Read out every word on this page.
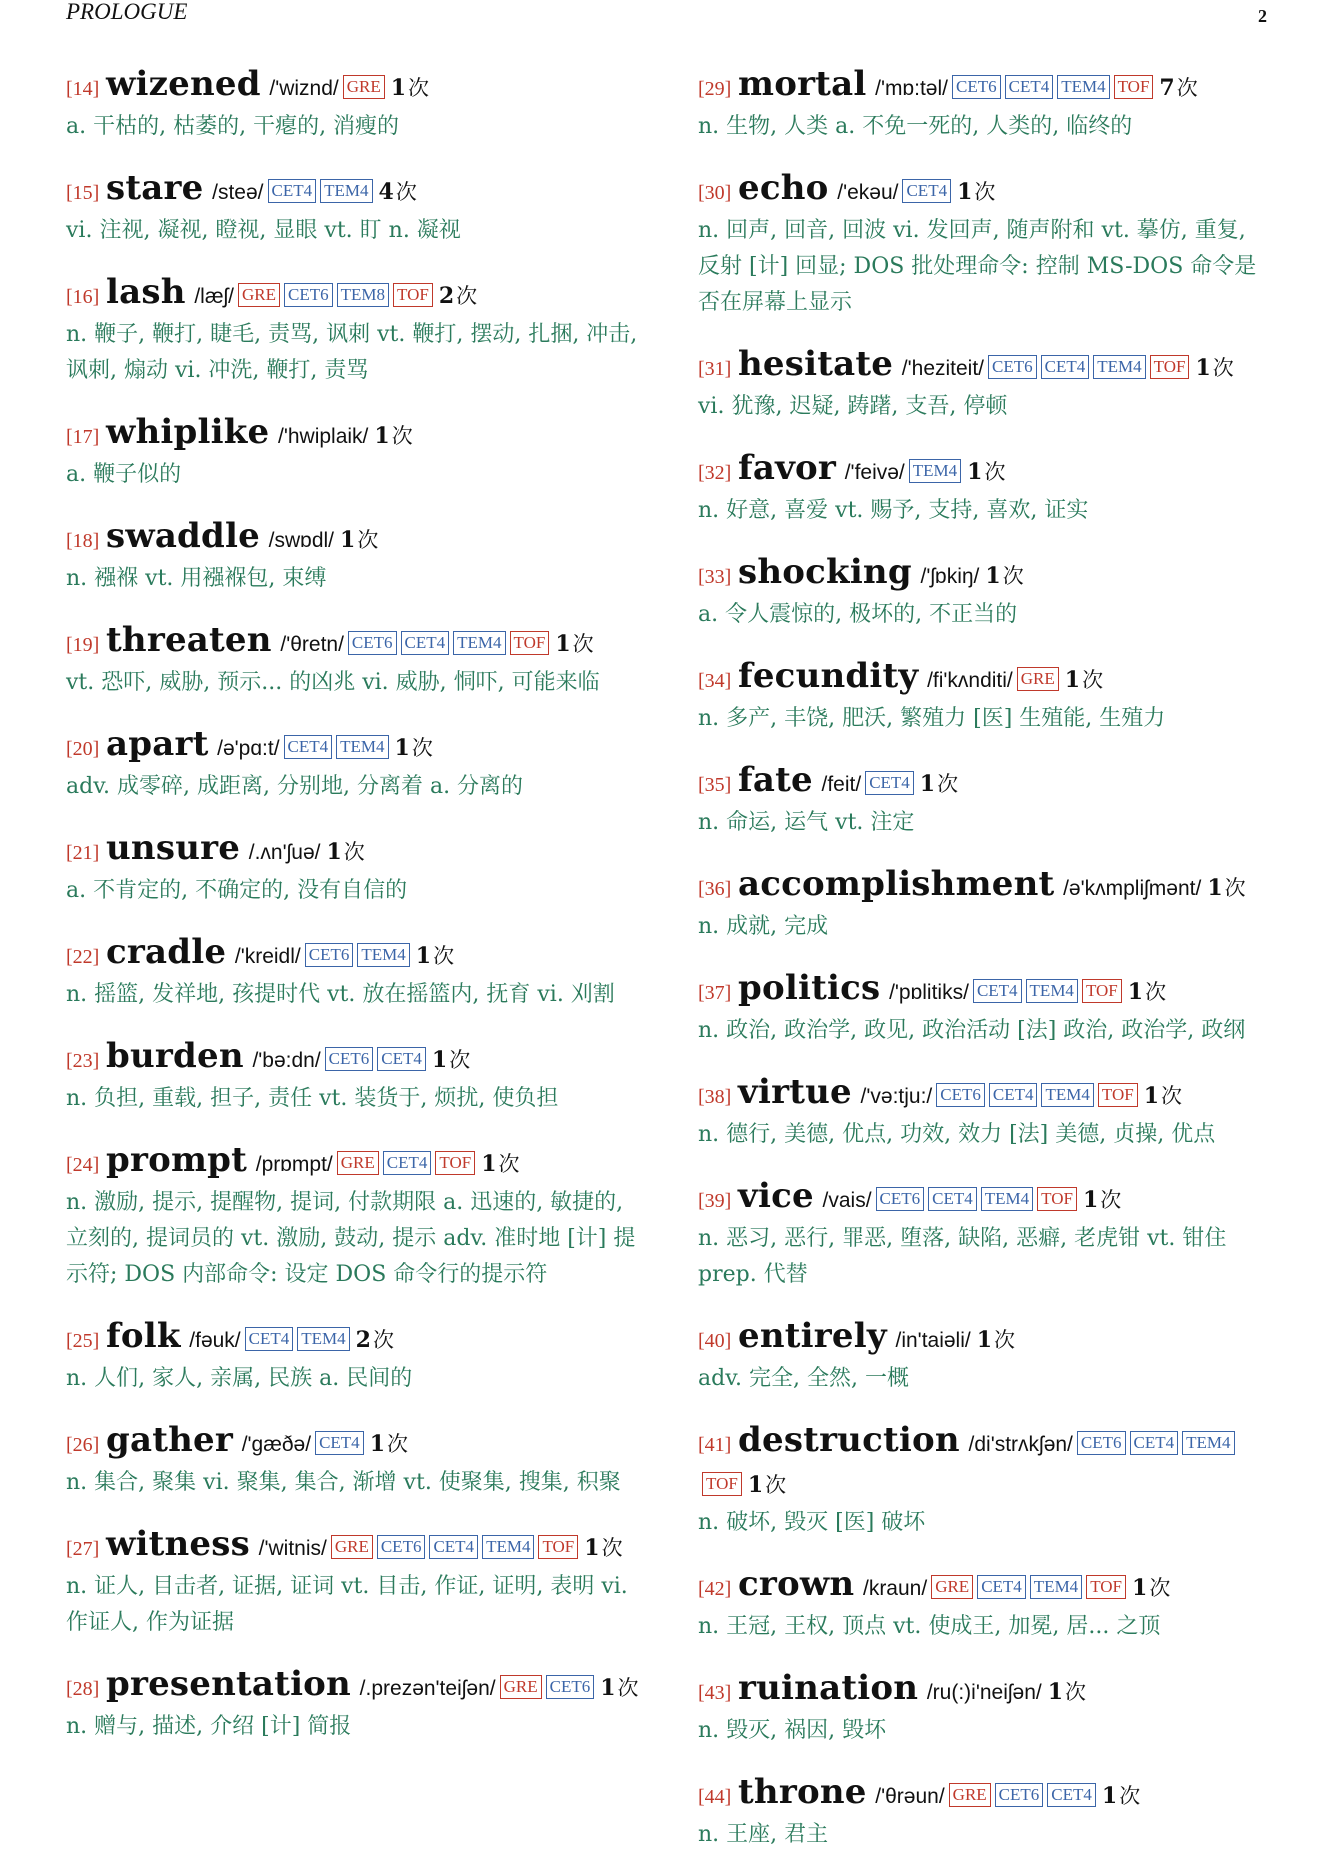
PROLOGUE	2
[14] wizened /'wiznd/ GRE 1次
a. 干枯的, 枯萎的, 干瘪的, 消瘦的
[15] stare /steə/ CET4 TEM4 4次
vi. 注视, 凝视, 瞪视, 显眼 vt. 盯 n. 凝视
[16] lash /læʃ/ GRE CET6 TEM8 TOF 2次
n. 鞭子, 鞭打, 睫毛, 责骂, 讽刺 vt. 鞭打, 摆动, 扎捆, 冲击, 讽刺, 煽动 vi. 冲洗, 鞭打, 责骂
[17] whiplike /'hwiplaik/ 1次
a. 鞭子似的
[18] swaddle /swɒdl/ 1次
n. 襁褓 vt. 用襁褓包, 束缚
[19] threaten /'θretn/ CET6 CET4 TEM4 TOF 1次
vt. 恐吓, 威胁, 预示... 的凶兆 vi. 威胁, 恫吓, 可能来临
[20] apart /ə'pɑ:t/ CET4 TEM4 1次
adv. 成零碎, 成距离, 分别地, 分离着 a. 分离的
[21] unsure /.ʌn'ʃuə/ 1次
a. 不肯定的, 不确定的, 没有自信的
[22] cradle /'kreidl/ CET6 TEM4 1次
n. 摇篮, 发祥地, 孩提时代 vt. 放在摇篮内, 抚育 vi. 刈割
[23] burden /'bə:dn/ CET6 CET4 1次
n. 负担, 重载, 担子, 责任 vt. 装货于, 烦扰, 使负担
[24] prompt /prɒmpt/ GRE CET4 TOF 1次
n. 激励, 提示, 提醒物, 提词, 付款期限 a. 迅速的, 敏捷的, 立刻的, 提词员的 vt. 激励, 鼓动, 提示 adv. 准时地 [计] 提示符; DOS 内部命令: 设定 DOS 命令行的提示符
[25] folk /fəuk/ CET4 TEM4 2次
n. 人们, 家人, 亲属, 民族 a. 民间的
[26] gather /'gæðə/ CET4 1次
n. 集合, 聚集 vi. 聚集, 集合, 渐增 vt. 使聚集, 搜集, 积聚
[27] witness /'witnis/ GRE CET6 CET4 TEM4 TOF 1次
n. 证人, 目击者, 证据, 证词 vt. 目击, 作证, 证明, 表明 vi. 作证人, 作为证据
[28] presentation /.prezən'teiʃən/ GRE CET6 1次
n. 赠与, 描述, 介绍 [计] 简报
[29] mortal /'mɒ:təl/ CET6 CET4 TEM4 TOF 7次
n. 生物, 人类 a. 不免一死的, 人类的, 临终的
[30] echo /'ekəu/ CET4 1次
n. 回声, 回音, 回波 vi. 发回声, 随声附和 vt. 摹仿, 重复, 反射 [计] 回显; DOS 批处理命令: 控制 MS-DOS 命令是否在屏幕上显示
[31] hesitate /'heziteit/ CET6 CET4 TEM4 TOF 1次
vi. 犹豫, 迟疑, 踌躇, 支吾, 停顿
[32] favor /'feivə/ TEM4 1次
n. 好意, 喜爱 vt. 赐予, 支持, 喜欢, 证实
[33] shocking /'ʃɒkiŋ/ 1次
a. 令人震惊的, 极坏的, 不正当的
[34] fecundity /fi'kʌnditi/ GRE 1次
n. 多产, 丰饶, 肥沃, 繁殖力 [医] 生殖能, 生殖力
[35] fate /feit/ CET4 1次
n. 命运, 运气 vt. 注定
[36] accomplishment /ə'kʌmpliʃmənt/ 1次
n. 成就, 完成
[37] politics /'pɒlitiks/ CET4 TEM4 TOF 1次
n. 政治, 政治学, 政见, 政治活动 [法] 政治, 政治学, 政纲
[38] virtue /'və:tju:/ CET6 CET4 TEM4 TOF 1次
n. 德行, 美德, 优点, 功效, 效力 [法] 美德, 贞操, 优点
[39] vice /vais/ CET6 CET4 TEM4 TOF 1次
n. 恶习, 恶行, 罪恶, 堕落, 缺陷, 恶癖, 老虎钳 vt. 钳住 prep. 代替
[40] entirely /in'taiəli/ 1次
adv. 完全, 全然, 一概
[41] destruction /di'strʌkʃən/ CET6 CET4 TEM4TOF 1次
n. 破坏, 毁灭 [医] 破坏
[42] crown /kraun/ GRE CET4 TEM4 TOF 1次
n. 王冠, 王权, 顶点 vt. 使成王, 加冕, 居... 之顶
[43] ruination /ru(:)i'neiʃən/ 1次
n. 毁灭, 祸因, 毁坏
[44] throne /'θrəun/ GRE CET6 CET4 1次
n. 王座, 君主
